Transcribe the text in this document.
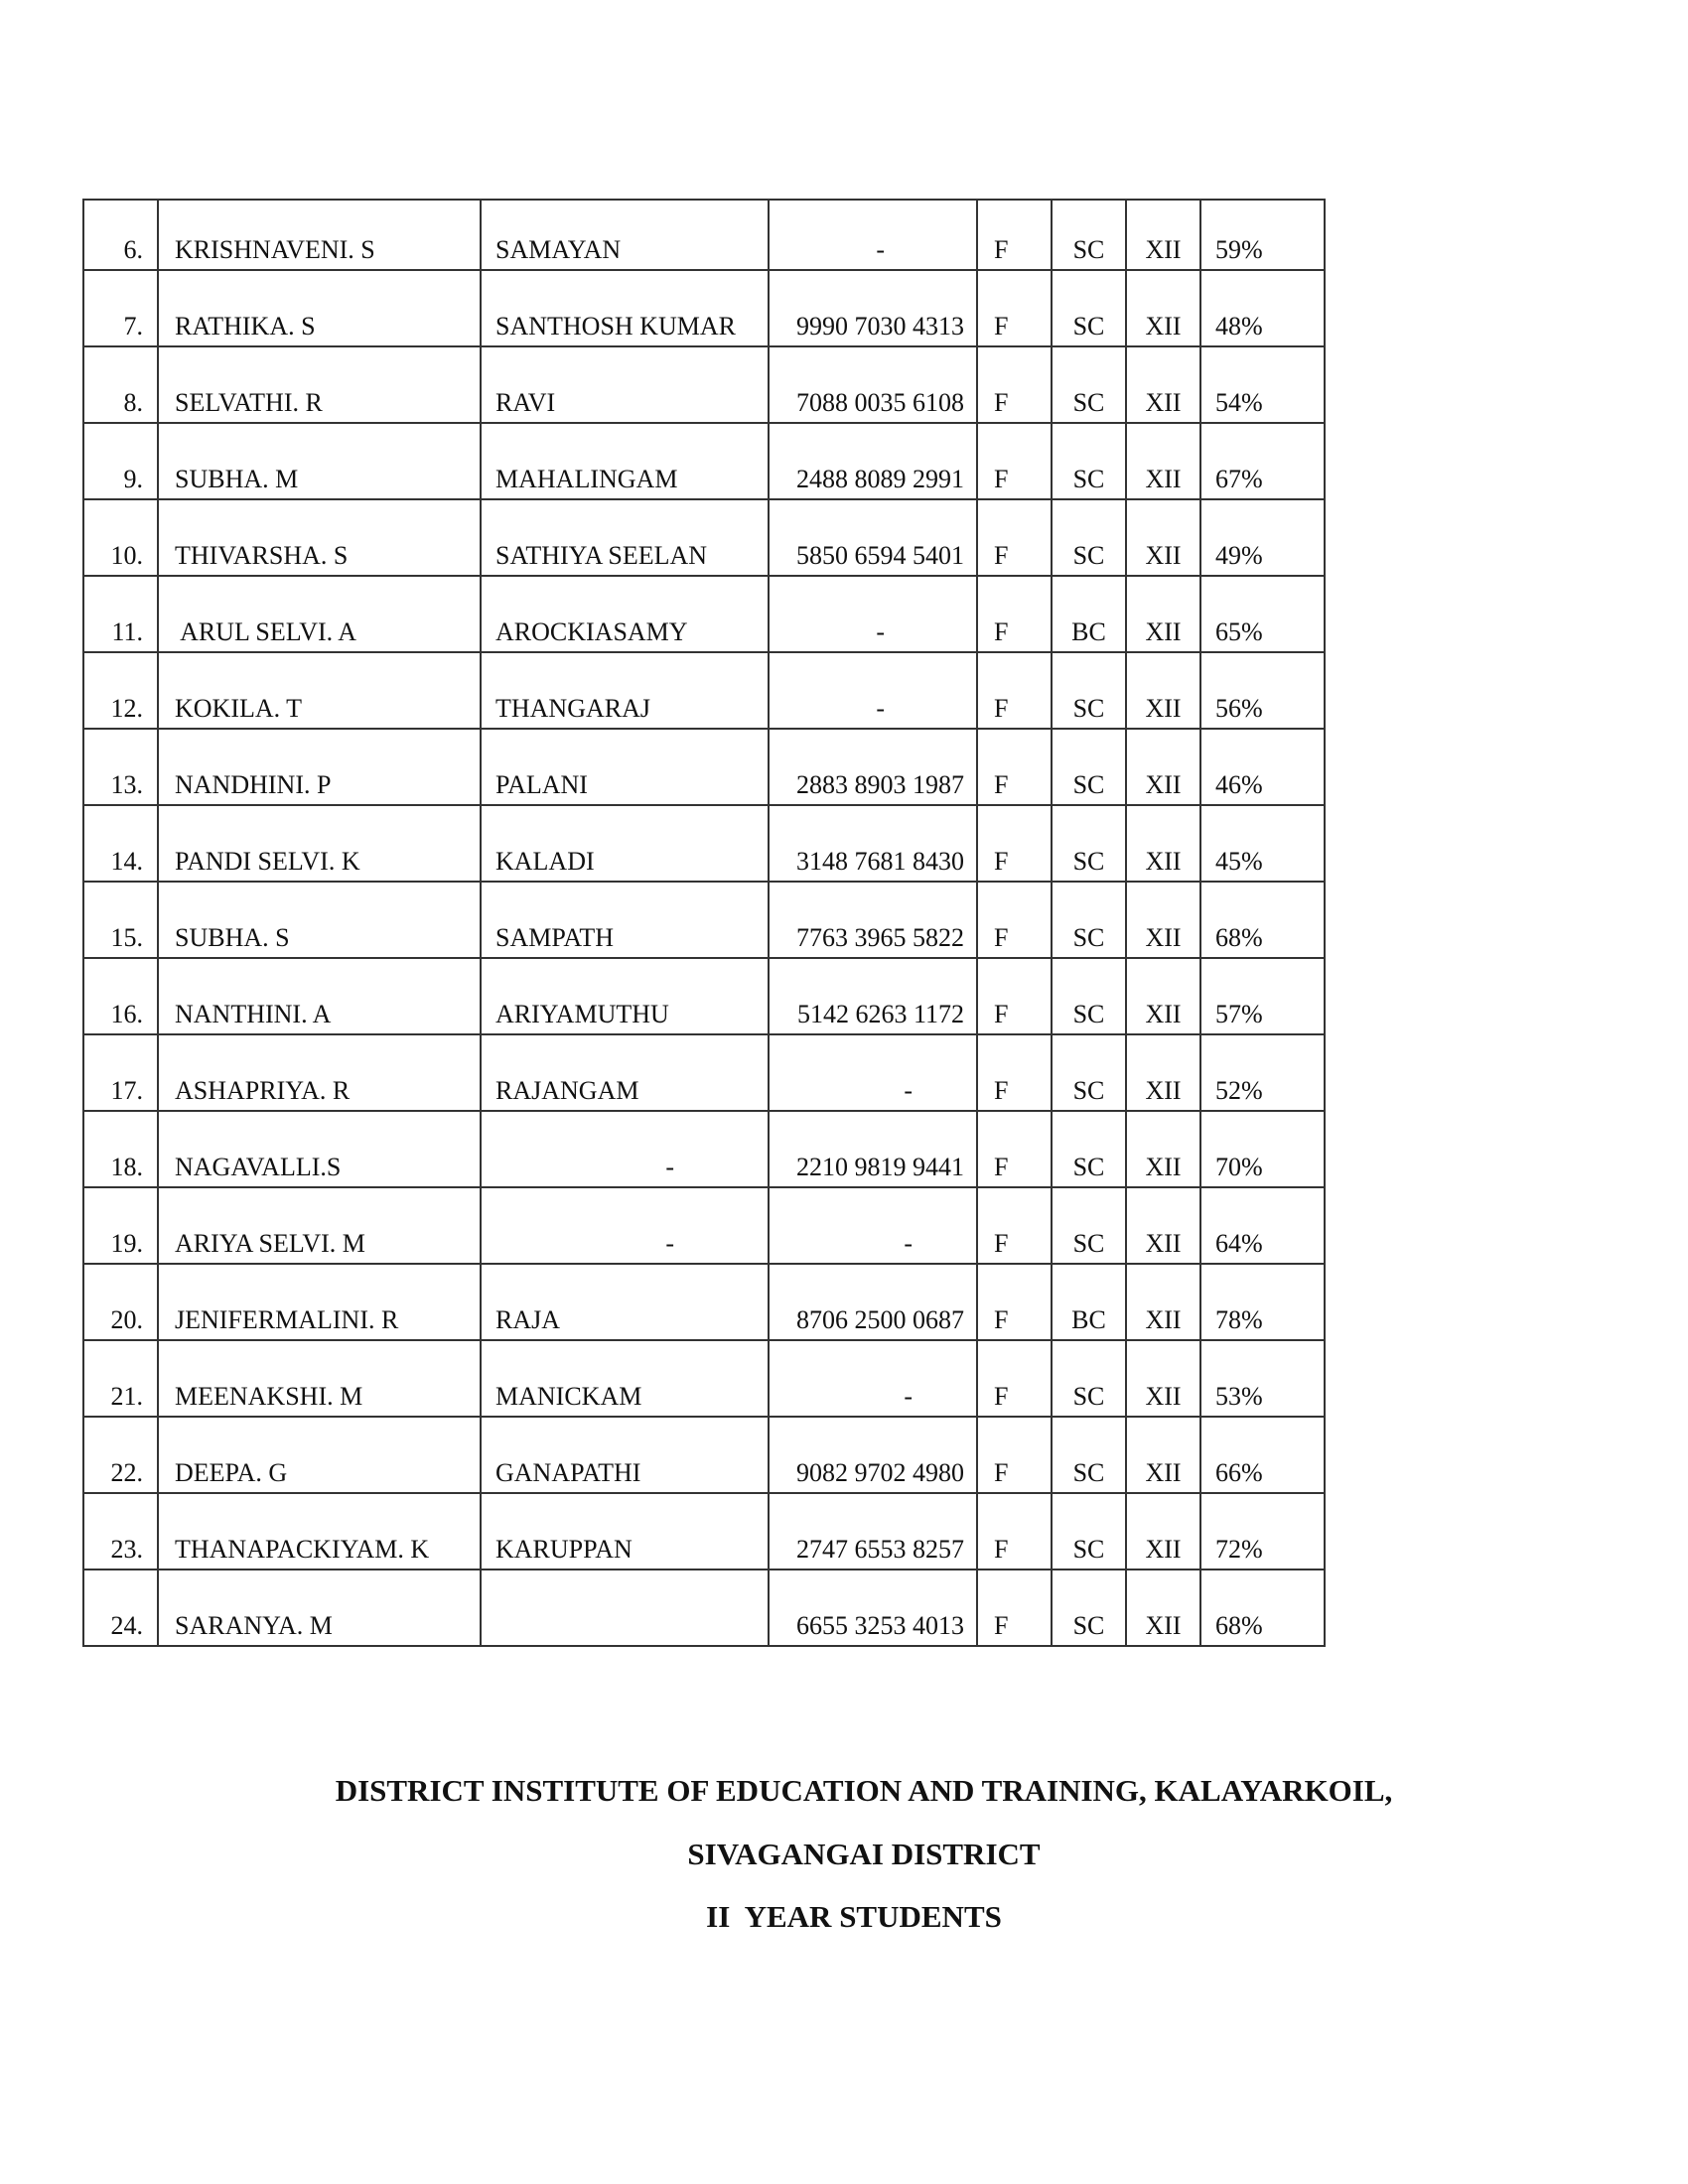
6.	KRISHNAVENI. S	SAMAYAN	-	F	SC	XII	59%
7.	RATHIKA. S	SANTHOSH KUMAR	9990 7030 4313	F	SC	XII	48%
8.	SELVATHI. R	RAVI	7088 0035 6108	F	SC	XII	54%
9.	SUBHA. M	MAHALINGAM	2488 8089 2991	F	SC	XII	67%
10.	THIVARSHA. S	SATHIYA SEELAN	5850 6594 5401	F	SC	XII	49%
11.	ARUL SELVI. A	AROCKIASAMY	-	F	BC	XII	65%
12.	KOKILA. T	THANGARAJ	-	F	SC	XII	56%
13.	NANDHINI. P	PALANI	2883 8903 1987	F	SC	XII	46%
14.	PANDI SELVI. K	KALADI	3148 7681 8430	F	SC	XII	45%
15.	SUBHA. S	SAMPATH	7763 3965 5822	F	SC	XII	68%
16.	NANTHINI. A	ARIYAMUTHU	5142 6263 1172	F	SC	XII	57%
17.	ASHAPRIYA. R	RAJANGAM	-	F	SC	XII	52%
18.	NAGAVALLI.S	-	2210 9819 9441	F	SC	XII	70%
19.	ARIYA SELVI. M	-	-	F	SC	XII	64%
20.	JENIFERMALINI. R	RAJA	8706 2500 0687	F	BC	XII	78%
21.	MEENAKSHI. M	MANICKAM	-	F	SC	XII	53%
22.	DEEPA. G	GANAPATHI	9082 9702 4980	F	SC	XII	66%
23.	THANAPACKIYAM. K	KARUPPAN	2747 6553 8257	F	SC	XII	72%
24.	SARANYA. M		6655 3253 4013	F	SC	XII	68%
DISTRICT INSTITUTE OF EDUCATION AND TRAINING, KALAYARKOIL,
SIVAGANGAI DISTRICT
II  YEAR STUDENTS
